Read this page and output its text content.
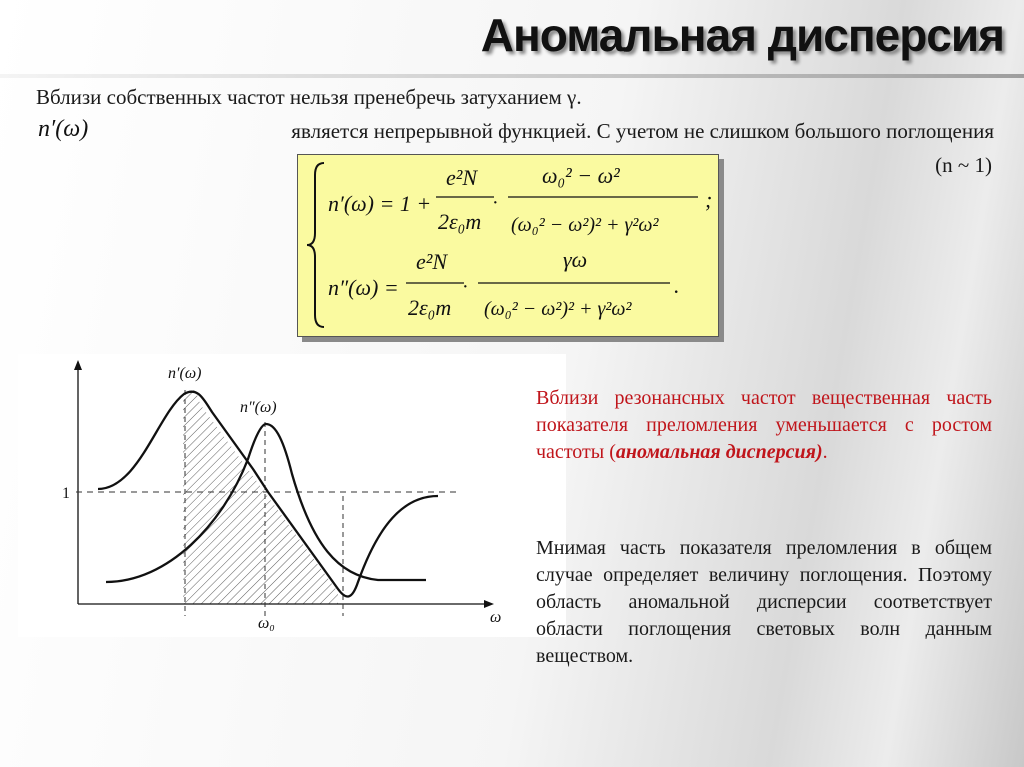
Аномальная дисперсия
Вблизи собственных частот нельзя пренебречь затуханием γ.
n′(ω)	является непрерывной функцией. С учетом не слишком большого поглощения
(n ~ 1)
n′(ω) = 1 +
e²N
2ε₀m
ω₀² − ω²
(ω₀² − ω²)² + γ²ω²
;
n″(ω) =
e²N
2ε₀m
γω
(ω₀² − ω²)² + γ²ω²
.
·
·
n′(ω)
n″(ω)
ω
ω₀
1
Вблизи резонансных частот вещественная часть показателя преломления уменьшается с ростом частоты (аномальная дисперсия).
Мнимая часть показателя преломления в общем случае определяет величину поглощения. Поэтому область аномальной дисперсии соответствует области поглощения световых волн данным веществом.
